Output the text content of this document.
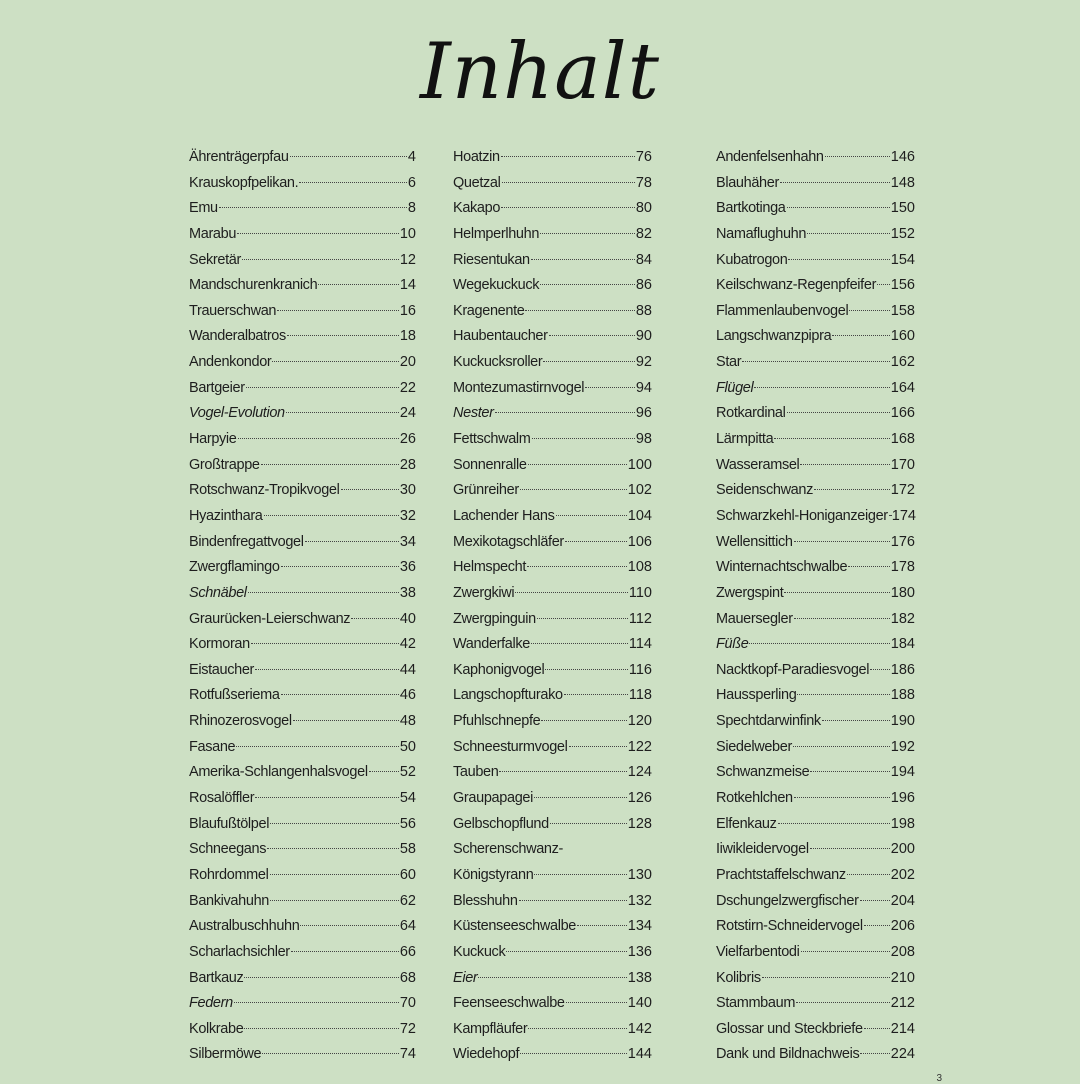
Inhalt
Ährenträgerpfau	4
Krauskopfpelikan.	6
Emu	8
Marabu	10
Sekretär	12
Mandschurenkranich	14
Trauerschwan	16
Wanderalbatros	18
Andenkondor	20
Bartgeier	22
Vogel-Evolution	24
Harpyie	26
Großtrappe	28
Rotschwanz-Tropikvogel	30
Hyazinthara	32
Bindenfregattvogel	34
Zwergflamingo	36
Schnäbel	38
Graurücken-Leierschwanz	40
Kormoran	42
Eistaucher	44
Rotfußseriema	46
Rhinozerosvogel	48
Fasane	50
Amerika-Schlangenhalsvogel 52
Rosalöffler	54
Blaufußtölpel	56
Schneegans	58
Rohrdommel	60
Bankivahuhn	62
Australbuschhuhn	64
Scharlachsichler	66
Bartkauz	68
Federn	70
Kolkrabe	72
Silbermöwe	74
Hoatzin	76
Quetzal	78
Kakapo	80
Helmperlhuhn	82
Riesentukan	84
Wegekuckuck	86
Kragenente	88
Haubentaucher	90
Kuckucksroller	92
Montezumastirnvogel	94
Nester	96
Fettschwalm	98
Sonnenralle	100
Grünreiher	102
Lachender Hans	104
Mexikotagschläfer	106
Helmspecht	108
Zwergkiwi	110
Zwergpinguin	112
Wanderfalke	114
Kaphonigvogel	116
Langschopfturako	118
Pfuhlschnepfe	120
Schneesturmvogel	122
Tauben	124
Graupapagei	126
Gelbschopflund	128
Scherenschwanz-
Königstyrann	130
Blesshuhn	132
Küstenseeschwalbe	134
Kuckuck	136
Eier	138
Feenseeschwalbe	140
Kampfläufer	142
Wiedehopf	144
Andenfelsenhahn	146
Blauhäher	148
Bartkotinga	150
Namaflughuhn	152
Kubatrogon	154
Keilschwanz-Regenpfeifer 156
Flammenlaubenvogel	158
Langschwanzpipra	160
Star	162
Flügel	164
Rotkardinal	166
Lärmpitta	168
Wasseramsel	170
Seidenschwanz	172
Schwarzkehl-Honiganzeiger 174
Wellensittich	176
Winternachtschwalbe	178
Zwergspint	180
Mauersegler	182
Füße	184
Nacktkopf-Paradiesvogel 186
Haussperling	188
Spechtdarwinfink	190
Siedelweber	192
Schwanzmeise	194
Rotkehlchen	196
Elfenkauz	198
Iiwikleidervogel	200
Prachtstaffelschwanz	202
Dschungelzwergfischer 204
Rotstirn-Schneidervogel 206
Vielfarbentodi	208
Kolibris	210
Stammbaum	212
Glossar und Steckbriefe 214
Dank und Bildnachweis 224
3
